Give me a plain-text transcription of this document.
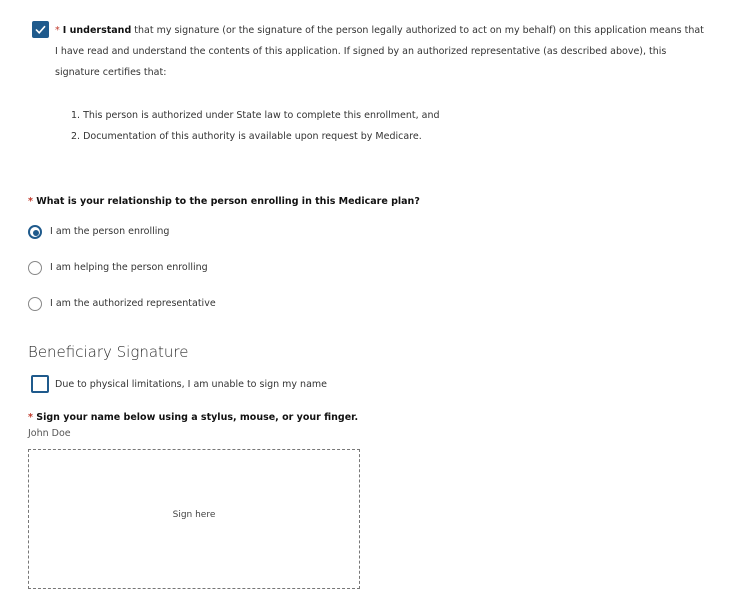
* I understand that my signature (or the signature of the person legally authorized to act on my behalf) on this application means that I have read and understand the contents of this application. If signed by an authorized representative (as described above), this signature certifies that:
1. This person is authorized under State law to complete this enrollment, and
2. Documentation of this authority is available upon request by Medicare.
* What is your relationship to the person enrolling in this Medicare plan?
I am the person enrolling
I am helping the person enrolling
I am the authorized representative
Beneficiary Signature
Due to physical limitations, I am unable to sign my name
* Sign your name below using a stylus, mouse, or your finger.
John Doe
Sign here
